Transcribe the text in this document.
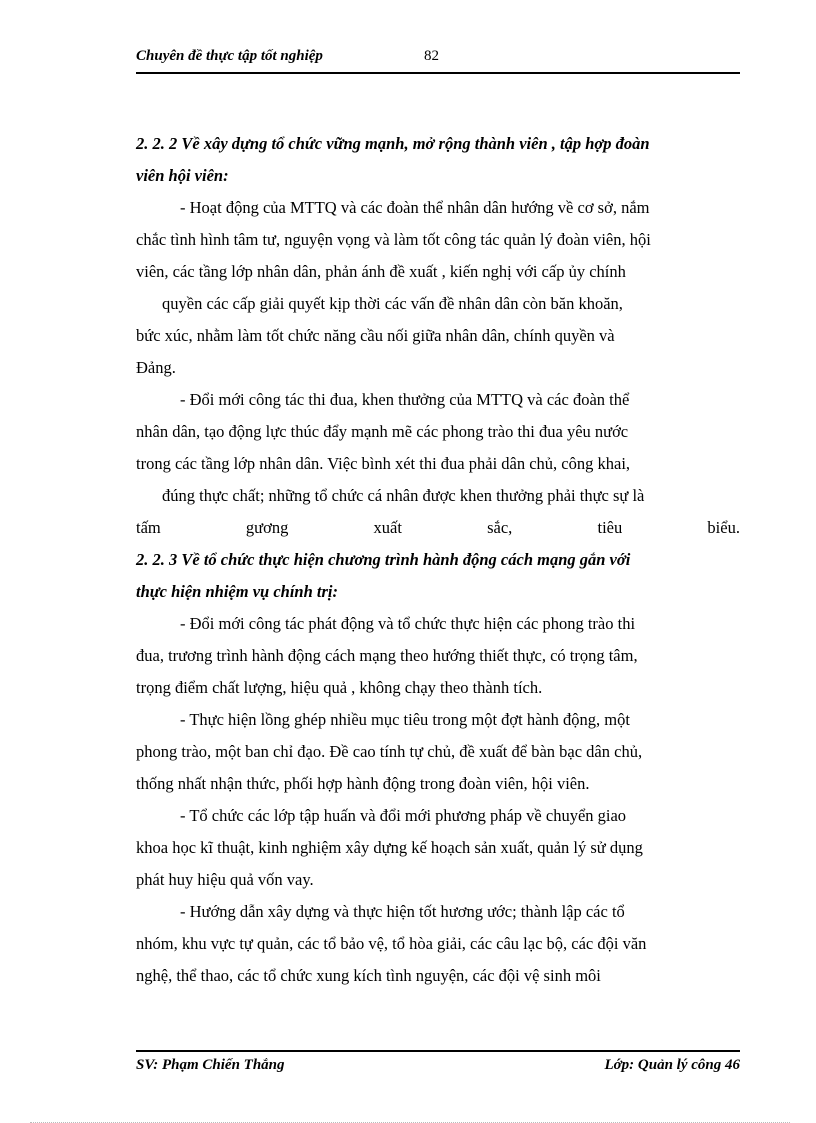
Chuyên đề thực tập tốt nghiệp	82
2. 2. 2 Về xây dựng tổ chức vững mạnh, mở rộng thành viên , tập hợp đoàn
viên hội viên:
- Hoạt động của MTTQ và các đoàn thể nhân dân hướng về cơ sở, nắm
chắc tình hình tâm tư, nguyện vọng và làm tốt công tác quản lý đoàn viên, hội
viên, các tầng lớp nhân dân, phản ánh đề xuất , kiến nghị với cấp ủy chính
quyền các cấp giải quyết kịp thời các vấn đề nhân dân còn băn khoăn,
bức xúc, nhằm làm tốt chức năng cầu nối giữa nhân dân, chính quyền và
Đảng.
- Đổi mới công tác thi đua, khen thưởng của MTTQ và các đoàn thể
nhân dân, tạo động lực thúc đẩy mạnh mẽ các phong trào thi đua yêu nước
trong các tầng lớp nhân dân. Việc bình xét thi đua phải dân chủ, công khai,
đúng thực chất; những tổ chức cá nhân được khen thưởng phải thực sự là
tấm	gương	xuất	sắc,	tiêu	biểu.
2. 2. 3 Về tổ chức thực hiện chương trình hành động cách mạng gắn với
thực hiện nhiệm vụ chính trị:
- Đổi mới công tác phát động và tổ chức thực hiện các phong trào thi
đua, trương trình hành động cách mạng theo hướng thiết thực, có trọng tâm,
trọng điểm chất lượng, hiệu quả , không chạy theo thành tích.
- Thực hiện lồng ghép nhiều mục tiêu trong một đợt hành động, một
phong trào, một ban chỉ đạo. Đề cao tính tự chủ, đề xuất để bàn bạc dân chủ,
thống nhất nhận thức, phối hợp hành động trong đoàn viên, hội viên.
- Tổ chức các lớp tập huấn và đổi mới phương pháp về chuyển giao
khoa học kĩ thuật, kinh nghiệm xây dựng kế hoạch sản xuất, quản lý sử dụng
phát huy hiệu quả vốn vay.
- Hướng dẫn xây dựng và thực hiện tốt hương ước; thành lập các tổ
nhóm, khu vực tự quản, các tổ bảo vệ, tổ hòa giải, các câu lạc bộ, các đội văn
nghệ, thể thao, các tổ chức xung kích tình nguyện, các đội vệ sinh môi
SV: Phạm Chiến Thắng	Lớp: Quản lý công 46
